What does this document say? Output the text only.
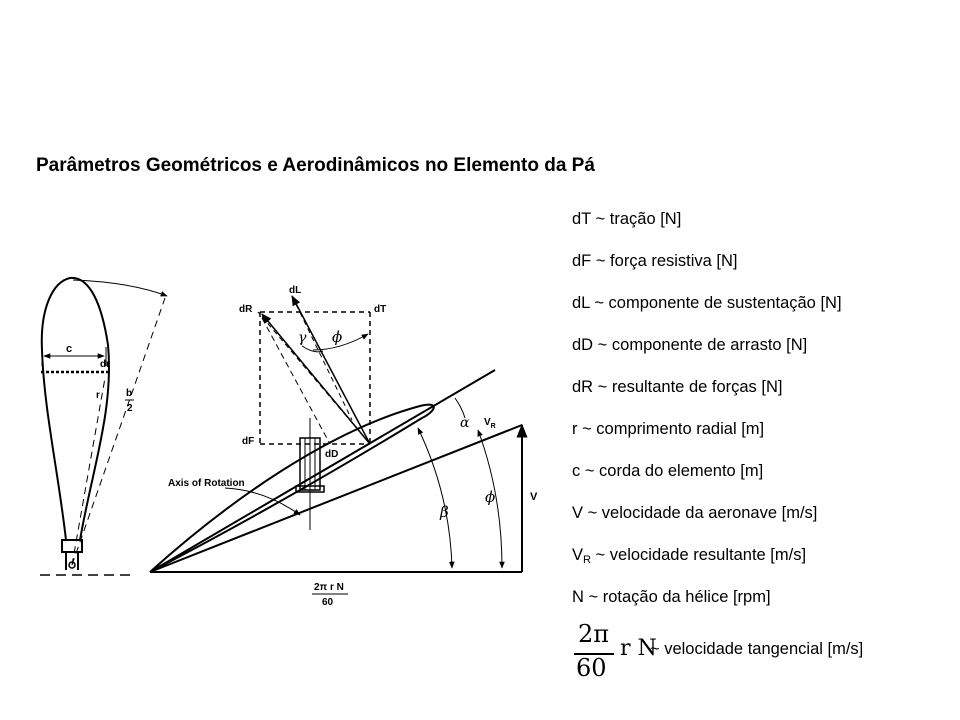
Parâmetros Geométricos e Aerodinâmicos no Elemento da Pá
c
dr
r	b
2
dR
dL
dT
dF
dD
γ ϕ
Axis of Rotation
α $V_R$
β
ϕ	V
2π r N
60
dT ~ tração [N]
dF ~ força resistiva [N]
dL ~ componente de sustentação [N]
dD ~ componente de arrasto [N]
dR ~ resultante de forças [N]
r ~ comprimento radial [m]
c ~ corda do elemento [m]
V ~ velocidade da aeronave [m/s]
$V_R$ ~ velocidade resultante [m/s]
N ~ rotação da hélice [rpm]
2π
60
r N
~ velocidade tangencial [m/s]
